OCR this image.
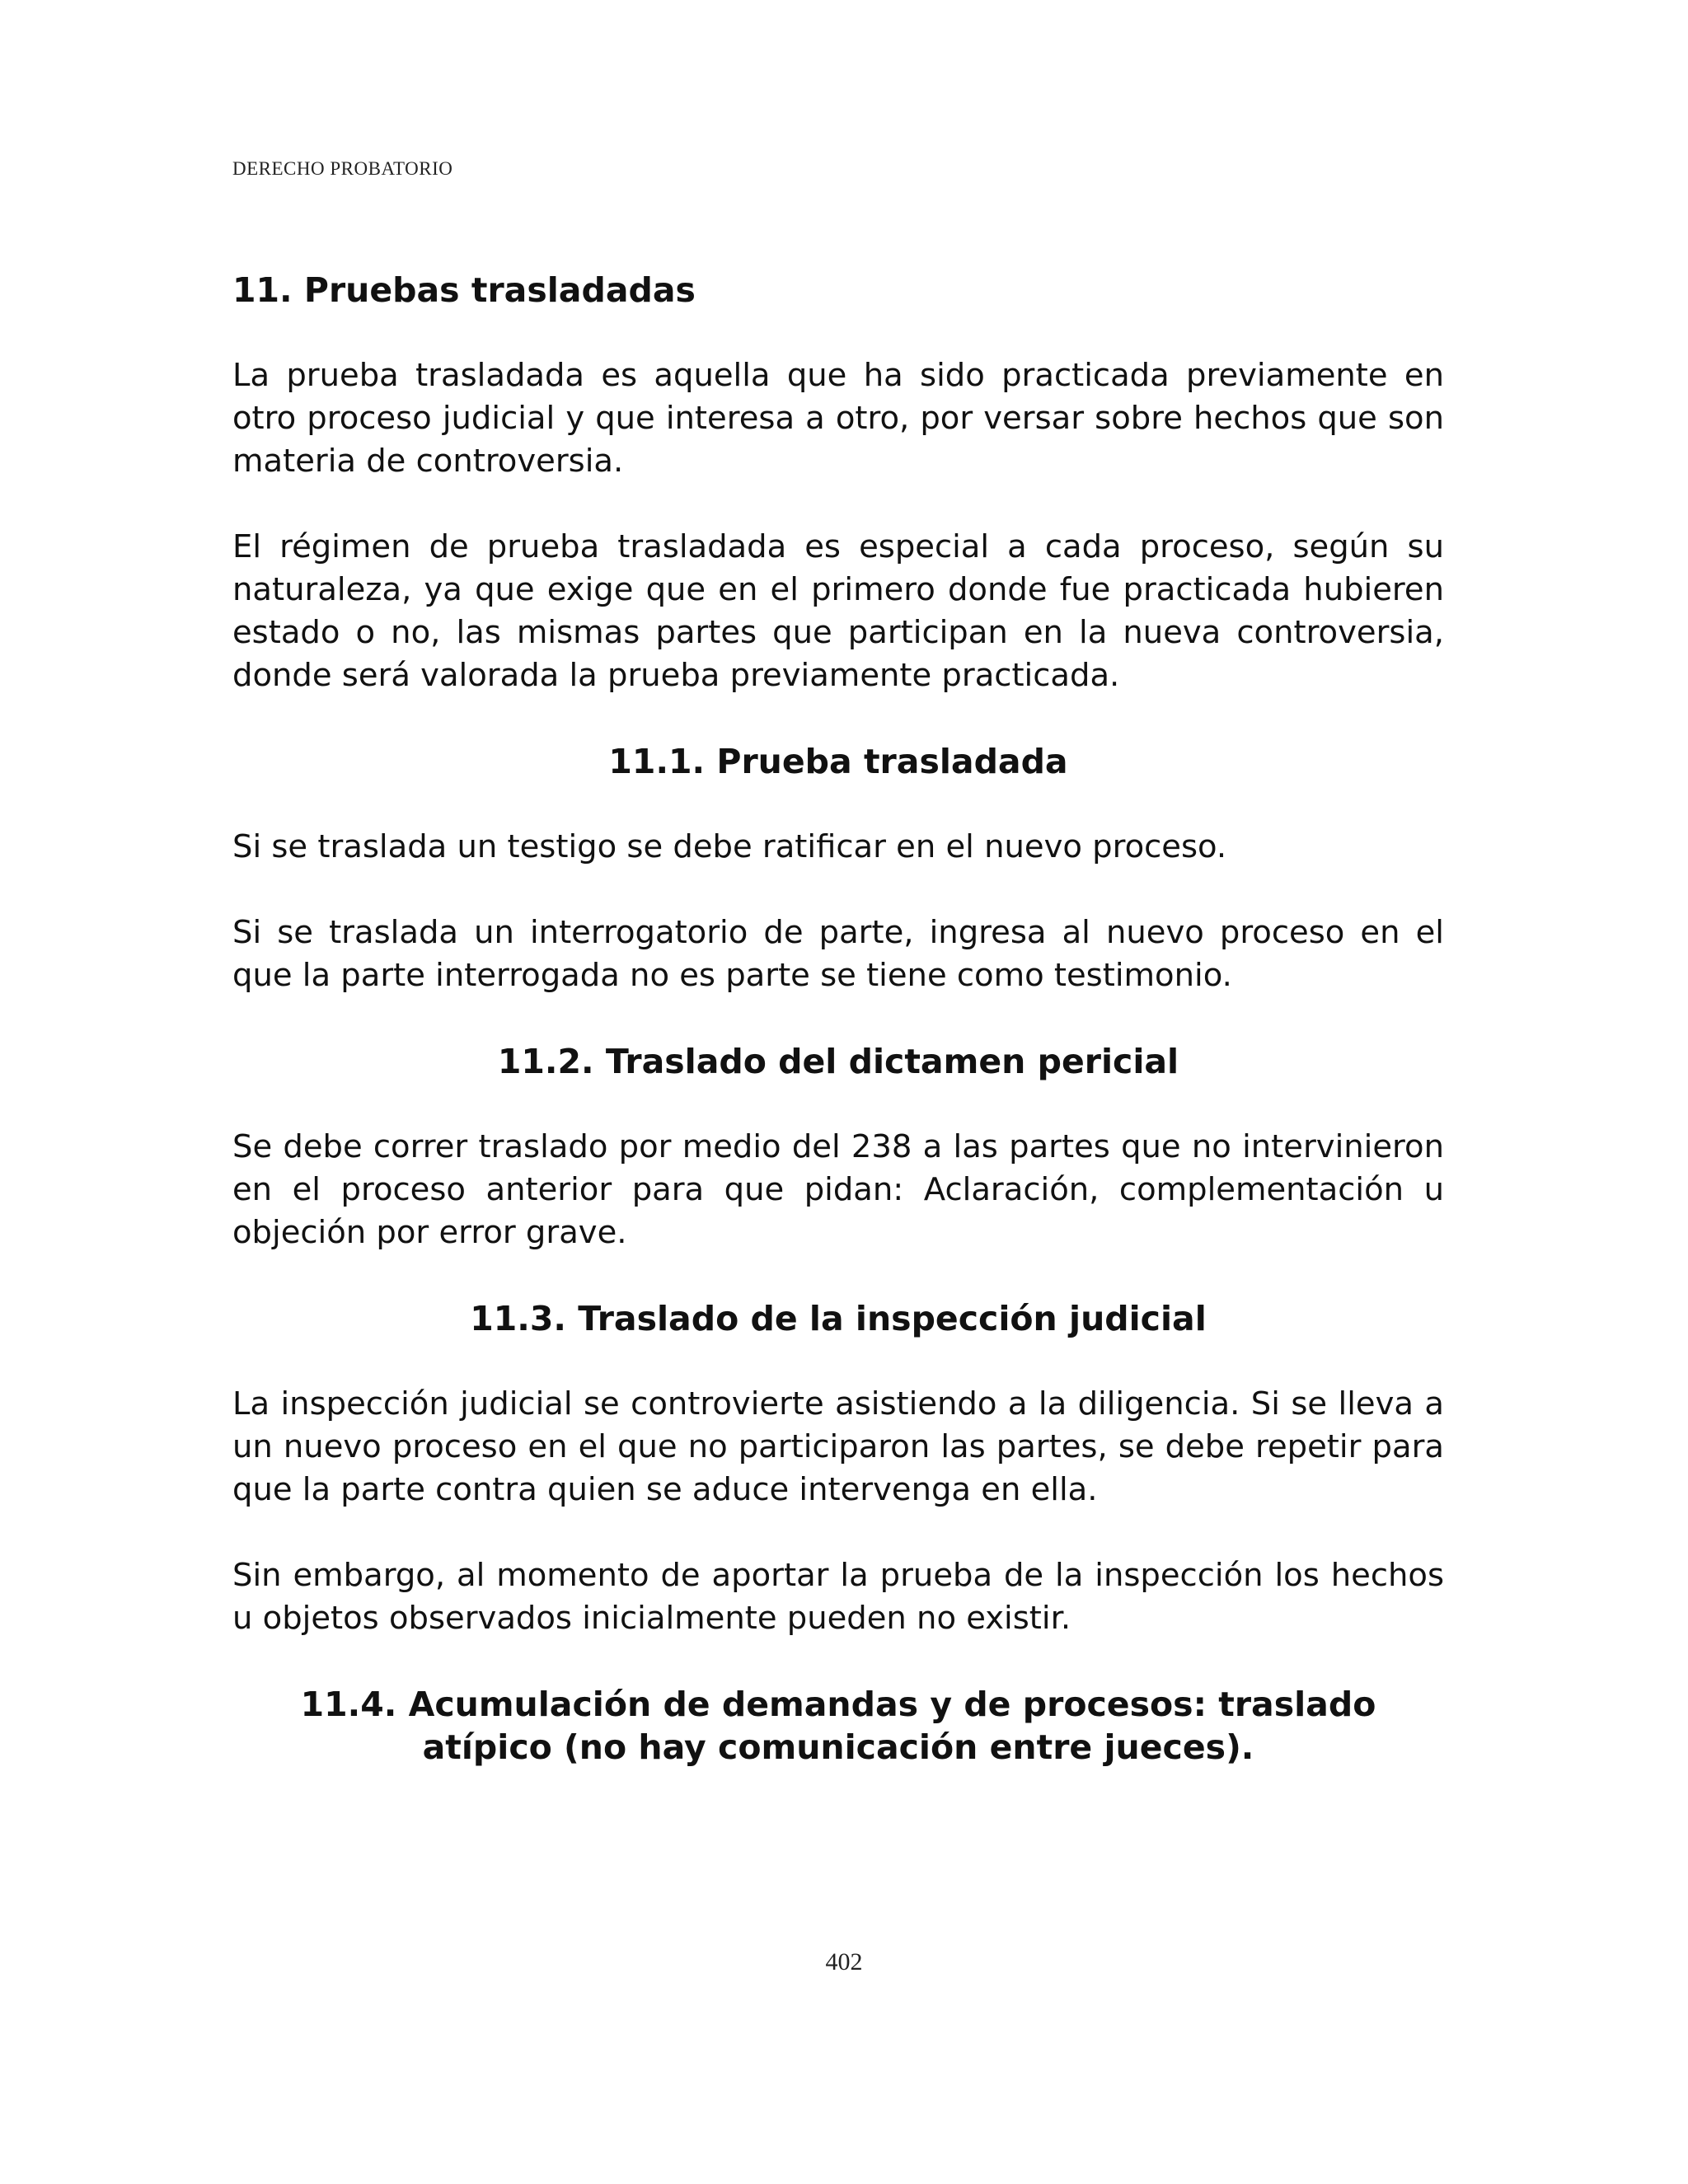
DERECHO PROBATORIO
11. Pruebas trasladadas

La prueba trasladada es aquella que ha sido practicada previamente en otro proceso judicial y que interesa a otro, por versar sobre hechos que son materia de controversia.

El régimen de prueba trasladada es especial a cada proceso, según su naturaleza, ya que exige que en el primero donde fue practicada hubieren estado o no, las mismas partes que participan en la nueva controversia, donde será valorada la prueba previamente practicada.

11.1. Prueba trasladada

Si se traslada un testigo se debe ratificar en el nuevo proceso.

Si se traslada un interrogatorio de parte, ingresa al nuevo proceso en el que la parte interrogada no es parte se tiene como testimonio.

11.2. Traslado del dictamen pericial

Se debe correr traslado por medio del 238 a las partes que no intervinieron en el proceso anterior para que pidan: Aclaración, complementación u objeción por error grave.

11.3. Traslado de la inspección judicial

La inspección judicial se controvierte asistiendo a la diligencia. Si se lleva a un nuevo proceso en el que no participaron las partes, se debe repetir para que la parte contra quien se aduce intervenga en ella.

Sin embargo, al momento de aportar la prueba de la inspección los hechos u objetos observados inicialmente pueden no existir.

11.4. Acumulación de demandas y de procesos: traslado atípico (no hay comunicación entre jueces).
402
